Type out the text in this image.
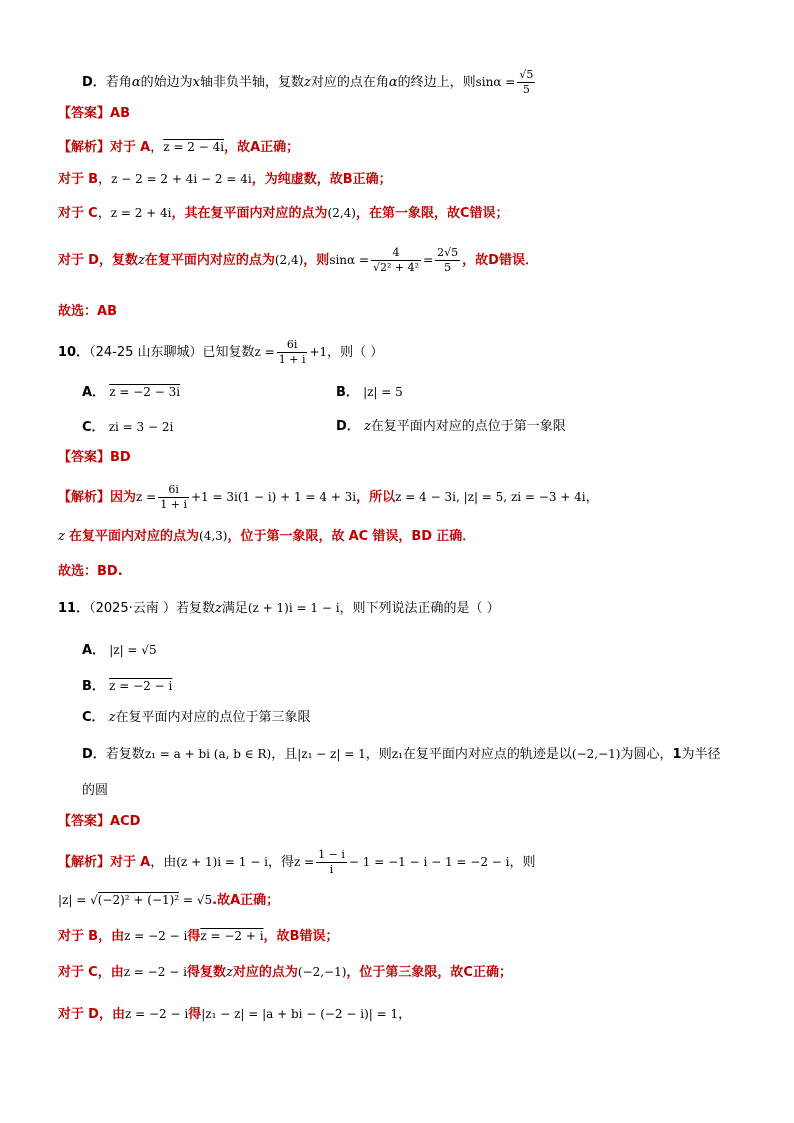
D．若角α的始边为x轴非负半轴，复数z对应的点在角α的终边上，则$\sin\alpha = \frac{√5}{5}$
【答案】AB
【解析】对于 A，z = 2 − 4i，故A正确；
对于 B，z − 2 = 2 + 4i − 2 = 4i，为纯虚数，故B正确；
对于 C，z = 2 + 4i，其在复平面内对应的点为(2,4)，在第一象限，故C错误；
对于 D，复数z在复平面内对应的点为(2,4)，则$\sin\alpha = \frac{4}{\text{√2² + 4²}} = \frac{2√5}{5}$ ，故D错误．
故选：AB
10．（24-25 山东聊城）已知复数$z = \frac{6i}{1 + i} +1$，则（ ）
A． z = −2 − 3i	B． |z| = 5
C． zi = 3 − 2i	D． z在复平面内对应的点位于第一象限
【答案】BD
【解析】因为$z = \frac{6i}{1 + i} +1 = 3i(1 - i) + 1 = 4 + 3i$，所以z = 4 − 3i, |z| = 5, zi = −3 + 4i，
z 在复平面内对应的点为(4,3)，位于第一象限，故 AC 错误，BD 正确．
故选：BD.
11．（2025·云南 ）若复数z满足(z + 1)i = 1 − i，则下列说法正确的是（ ）
A． |z| = √5
B． z = −2 − i
C． z在复平面内对应的点位于第三象限
D．若复数z₁ = a + bi (a, b ∈ R)，且|z₁ − z| = 1，则z₁在复平面内对应点的轨迹是以(−2,−1)为圆心，1为半径
的圆
【答案】ACD
【解析】对于 A，由(z + 1)i = 1 − i，得$z = \frac{1 - i}{i} - 1 = -1 - i - 1 = -2 - i$，则
|z| = √(−2)² + (−1)² = √5.故A正确；
对于 B，由z = −2 − i得z = −2 + i，故B错误；
对于 C，由z = −2 − i得复数z对应的点为(−2,−1)，位于第三象限，故C正确；
对于 D，由z = −2 − i得|z₁ − z| = |a + bi − (−2 − i)| = 1，
